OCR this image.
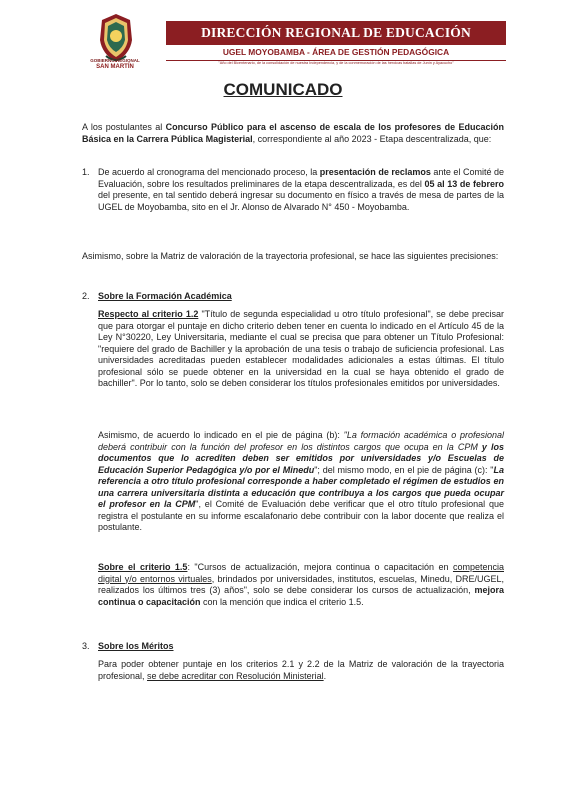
GOBIERNO REGIONAL
SAN MARTÍN
DIRECCIÓN REGIONAL DE EDUCACIÓN
UGEL MOYOBAMBA - ÁREA DE GESTIÓN PEDAGÓGICA
"Año del Bicentenario, de la consolidación de nuestra Independencia, y de la conmemoración de las heroicas batallas de Junín y Ayacucho"
COMUNICADO
A los postulantes al Concurso Público para el ascenso de escala de los profesores de Educación Básica en la Carrera Pública Magisterial, correspondiente al año 2023 - Etapa descentralizada, que:
1. De acuerdo al cronograma del mencionado proceso, la presentación de reclamos ante el Comité de Evaluación, sobre los resultados preliminares de la etapa descentralizada, es del 05 al 13 de febrero del presente, en tal sentido deberá ingresar su documento en físico a través de mesa de partes de la UGEL de Moyobamba, sito en el Jr. Alonso de Alvarado N° 450 - Moyobamba.
Asimismo, sobre la Matriz de valoración de la trayectoria profesional, se hace las siguientes precisiones:
2. Sobre la Formación Académica
Respecto al criterio 1.2 "Título de segunda especialidad u otro título profesional", se debe precisar que para otorgar el puntaje en dicho criterio deben tener en cuenta lo indicado en el Artículo 45 de la Ley N°30220, Ley Universitaria, mediante el cual se precisa que para obtener un Título Profesional: "requiere del grado de Bachiller y la aprobación de una tesis o trabajo de suficiencia profesional. Las universidades acreditadas pueden establecer modalidades adicionales a estas últimas. El título profesional sólo se puede obtener en la universidad en la cual se haya obtenido el grado de bachiller". Por lo tanto, solo se deben considerar los títulos profesionales emitidos por universidades.
Asimismo, de acuerdo lo indicado en el pie de página (b): "La formación académica o profesional deberá contribuir con la función del profesor en los distintos cargos que ocupa en la CPM y los documentos que lo acrediten deben ser emitidos por universidades y/o Escuelas de Educación Superior Pedagógica y/o por el Minedu"; del mismo modo, en el pie de página (c): "La referencia a otro título profesional corresponde a haber completado el régimen de estudios en una carrera universitaria distinta a educación que contribuya a los cargos que pueda ocupar el profesor en la CPM", el Comité de Evaluación debe verificar que el otro título profesional que registra el postulante en su informe escalafonario debe contribuir con la labor docente que realiza el postulante.
Sobre el criterio 1.5: "Cursos de actualización, mejora continua o capacitación en competencia digital y/o entornos virtuales, brindados por universidades, institutos, escuelas, Minedu, DRE/UGEL, realizados los últimos tres (3) años", solo se debe considerar los cursos de actualización, mejora continua o capacitación con la mención que indica el criterio 1.5.
3. Sobre los Méritos
Para poder obtener puntaje en los criterios 2.1 y 2.2 de la Matriz de valoración de la trayectoria profesional, se debe acreditar con Resolución Ministerial.
